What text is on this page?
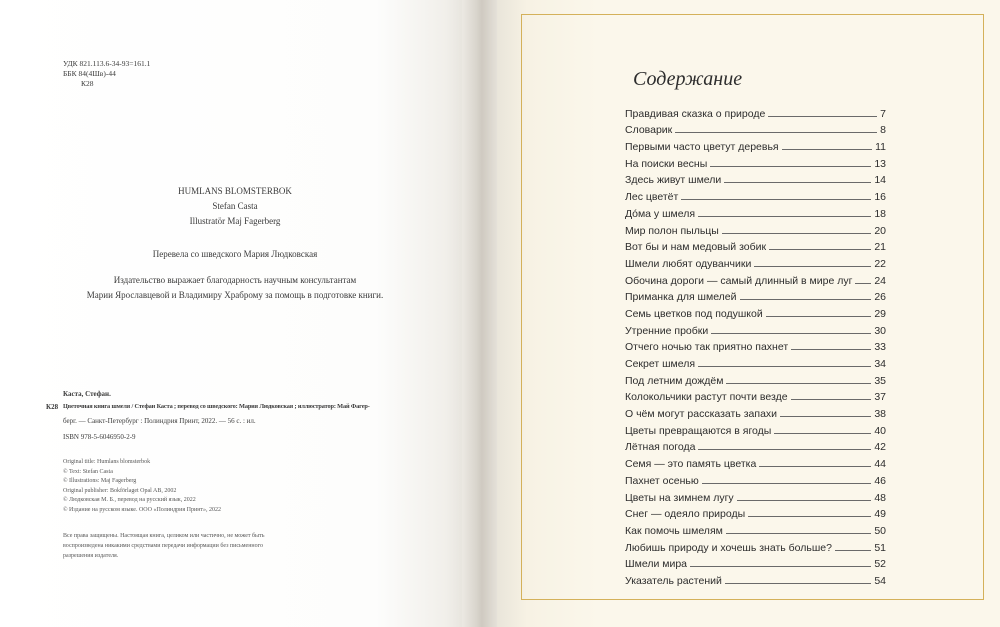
УДК 821.113.6-34-93=161.1
ББК 84(4Шв)-44
К28
HUMLANS BLOMSTERBOK
Stefan Casta
Illustratör Maj Fagerberg
Перевела со шведского Мария Людковская
Издательство выражает благодарность научным консультантам
Марии Ярославцевой и Владимиру Храброму за помощь в подготовке книги.
Каста, Стефан.
К28 Цветочная книга шмеля / Стефан Каста ; перевод со шведского: Мария Людковская ; иллюстратор: Май Фагер-
берг. — Санкт-Петербург : Полиндрия Принт, 2022. — 56 с. : ил.
ISBN 978-5-6046950-2-9
Original title: Humlans blomsterbok
© Text: Stefan Casta
© Illustrations: Maj Fagerberg
Original publisher: Bokförlaget Opal AB, 2002
© Людковская М. Б., перевод на русский язык, 2022
© Издание на русском языке. ООО «Полиндрия Принт», 2022
Все права защищены. Настоящая книга, целиком или частично, не может быть
воспроизведена никакими средствами передачи информации без письменного
разрешения издателя.
Содержание
Правдивая сказка о природе	7
Словарик	8
Первыми часто цветут деревья	11
На поиски весны	13
Здесь живут шмели	14
Лес цветёт	16
Дóма у шмеля	18
Мир полон пыльцы	20
Вот бы и нам медовый зобик	21
Шмели любят одуванчики	22
Обочина дороги — самый длинный в мире луг 24
Приманка для шмелей	26
Семь цветков под подушкой	29
Утренние пробки	30
Отчего ночью так приятно пахнет	33
Секрет шмеля	34
Под летним дождём	35
Колокольчики растут почти везде	37
О чём могут рассказать запахи	38
Цветы превращаются в ягоды	40
Лётная погода	42
Семя — это память цветка	44
Пахнет осенью	46
Цветы на зимнем лугу	48
Снег — одеяло природы	49
Как помочь шмелям	50
Любишь природу и хочешь знать больше?	51
Шмели мира	52
Указатель растений	54
